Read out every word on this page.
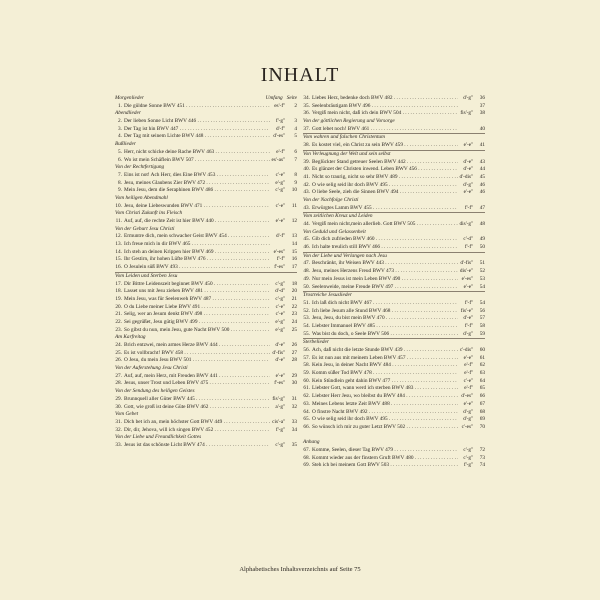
INHALT
Morgenlieder	Umfang Seite
1. Die güldne Sonne BWV 451 . . .	es'-f''	2
Abendlieder
2. Der lieben Sonne Licht BWV 446 . . .	f'-g''	3
3. Der Tag ist hin BWV 447 . . .	d'-f''	4
4. Der Tag mit seinem Lichte BWV 448 . . .	d'-es''	5
Bußlieder
5. Herr, nicht schicke deine Rache BWV 463 . . .	e'-f''	6
6. Wo ist mein Schäflein BWV 507 . . .	es'-as''	7
Von der Rechtfertigung
7. Eins ist not! Ach Herr, dies Eine BWV 453 . . .	c'-e''	8
8. Jesu, meines Glaubens Zier BWV 472 . . .	e'-g''	9
9. Mein Jesu, dem die Seraphinen BWV 486 . . .	c'-g''	10
Vom heiligen Abendmahl
10. Jesu, deine Liebeswunden BWV 471 . . .	c'-e''	11
Vom Christi Zukunft ins Fleisch
11. Auf, auf, die rechte Zeit ist hier BWV 440 . . .	e'-e''	12
Von der Geburt Jesu Christi
12. Ermuntre dich, mein schwacher Geist BWV 454 . . .	d'-f''	13
13. Ich freue mich in dir BWV 465 . . .	14
14. Ich steh an deinen Krippen hier BWV 469 . . .	e'-es''	15
15. Ihr Gestirn, ihr hohen Lüfte BWV 476 . . .	f'-f''	16
16. O Jesulein süß BWV 493 . . .	f'-es''	17
Vom Leiden und Sterben Jesu
17. Dir Bittre Leidenszeit beginnet BWV 450 . . .	c'-g''	18
18. Lasset uns mit Jesu ziehen BWV 481 . . .	d'-d''	20
19. Mein Jesu, was für Seelenweh BWV 487 . . .	c'-g''	21
20. O du Liebe meiner Liebe BWV 491 . . .	c'-e''	22
21. Selig, wer an Jesum denkt BWV 498 . . .	c'-e''	23
22. Sei gegrüßet, Jesu gütig BWV 499 . . .	e'-g''	24
23. So gibst du nun, mein Jesu, gute Nacht BWV 500 . . .	e'-g''	25
Am Karfreitag
24. Brich entzwei, mein armes Herze BWV 444 . . .	d'-e''	26
25. Es ist vollbracht! BWV 458 . . .	d'-fis''	27
26. O Jesu, du mein Jesu BWV 501 . . .	d'-e''	28
Von der Auferstehung Jesu Christi
27. Auf, auf, mein Herz, mit Freuden BWV 441 . . .	e'-e''	29
28. Jesus, unser Trost und Leben BWV 475 . . .	f'-es''	30
Von der Sendung des heiligen Geistes
29. Brunnquell aller Güter BWV 445 . . .	fis'-g''	31
30. Gott, wie groß ist deine Güte BWV 462 . . .	a'-g''	32
Vom Gebet
31. Dich bet ich an, mein höchster Gott BWV 449 . . .	cis'-a''	33
32. Dir, dir, Jehova, will ich singen BWV 452 . . .	f'-g''	34
Von der Liebe und Freundlichkeit Gottes
33. Jesus ist das schönste Licht BWV 474 . . .	c'-g''	35
34. Liebes Herz, bedenke doch BWV 482 . . .	d'-g''	36
35. Seelenbräutigam BWV 496 . . .	37
36. Vergiß mein nicht, daß ich dein BWV 504 . . .	fis'-g''	38
Von der göttlichen Regierung und Vorsorge
37. Gott lebet noch! BWV 461 . . .	40
Vom wahren und falschen Christentum
38. Es kostet viel, ein Christ zu sein BWV 459 . . .	e'-e''	41
Von Verleugnung der Welt und sein selbst
39. Beglückter Stand getreuer Seelen BWV 442 . . .	d'-e''	43
40. Es glänzet der Christen inwend. Leben BWV 456 . . .	d'-e''	44
41. Nicht so traurig, nicht so sehr BWV 489 . . .	d'-dis''	45
42. O wie selig seid ihr doch BWV 495 . . .	d'-g''	46
43. O liebe Seele, zieh die Sinnen BWV 494 . . .	e'-e''	46
Von der Nachfolge Christi
43. Erwürgtes Lamm BWV 455 . . .	f'-f''	47
Vom zeitlichen Kreuz und Leiden
44. Vergiß mein nicht,mein allerlieb. Gott BWV 505 . . .	dis'-g''	48
Von Geduld und Gelassenheit
45. Gib dich zufrieden BWV 460 . . .	c'-d''	49
46. Ich halte treulich still BWV 466 . . .	f'-f''	50
Von der Liebe und Verlangen nach Jesu
47. Beschränkt, ihr Weisen BWV 443 . . .	d'-fis''	51
48. Jesu, meines Herzens Freud BWV 473 . . .	dis'-e''	52
49. Nur mein Jesus ist mein Leben BWV 490 . . .	e'-es''	53
50. Seelenweide, meine Freude BWV 497 . . .	e'-e''	54
Trostreiche Jesuslieder
51. Ich laß dich nicht BWV 467 . . .	f'-f''	54
52. Ich liebe Jesum alle Stund BWV 468 . . .	fis'-e''	56
53. Jesu, Jesu, du bist mein BWV 470 . . .	d'-e''	57
54. Liebster Immanuel BWV 485 . . .	f'-f''	58
55. Was bist du doch, o Seele BWV 506 . . .	d'-g''	59
Sterbelieder
56. Ach, daß nicht die letzte Stunde BWV 439 . . .	c'-dis''	60
57. Es ist nun aus mit meinem Leben BWV 457 . . .	e'-e''	61
58. Kein Jesu, in deiner Nacht BWV 484 . . .	e'-f''	62
59. Komm süßer Tod BWV 478 . . .	e'-f''	63
60. Kein Stündlein geht dahin BWV 477 . . .	c'-e''	64
61. Liebster Gott, wann werd ich sterben BWV 483 . . .	e'-f''	65
62. Liebster Herr Jesu, wo bleibst du BWV 484 . . .	d'-es''	66
63. Meines Lebens letzte Zeit BWV 488 . . .	e'-e''	67
64. O finstre Nacht BWV 492 . . .	d'-g''	68
65. O wie selig seid ihr doch BWV 495 . . .	d'-g''	69
66. So wünsch ich mir zu guter Letzt BWV 502 . . .	c'-es''	70
Anhang
67. Komme, Seelen, dieser Tag BWV 479 . . .	c'-g''	72
68. Kommt wieder aus der finstern Gruft BWV 480 . . .	c'-g''	73
69. Steh ich bei meinem Gott BWV 503 . . .	f'-g''	74
Alphabetisches Inhaltsverzeichnis auf Seite 75
